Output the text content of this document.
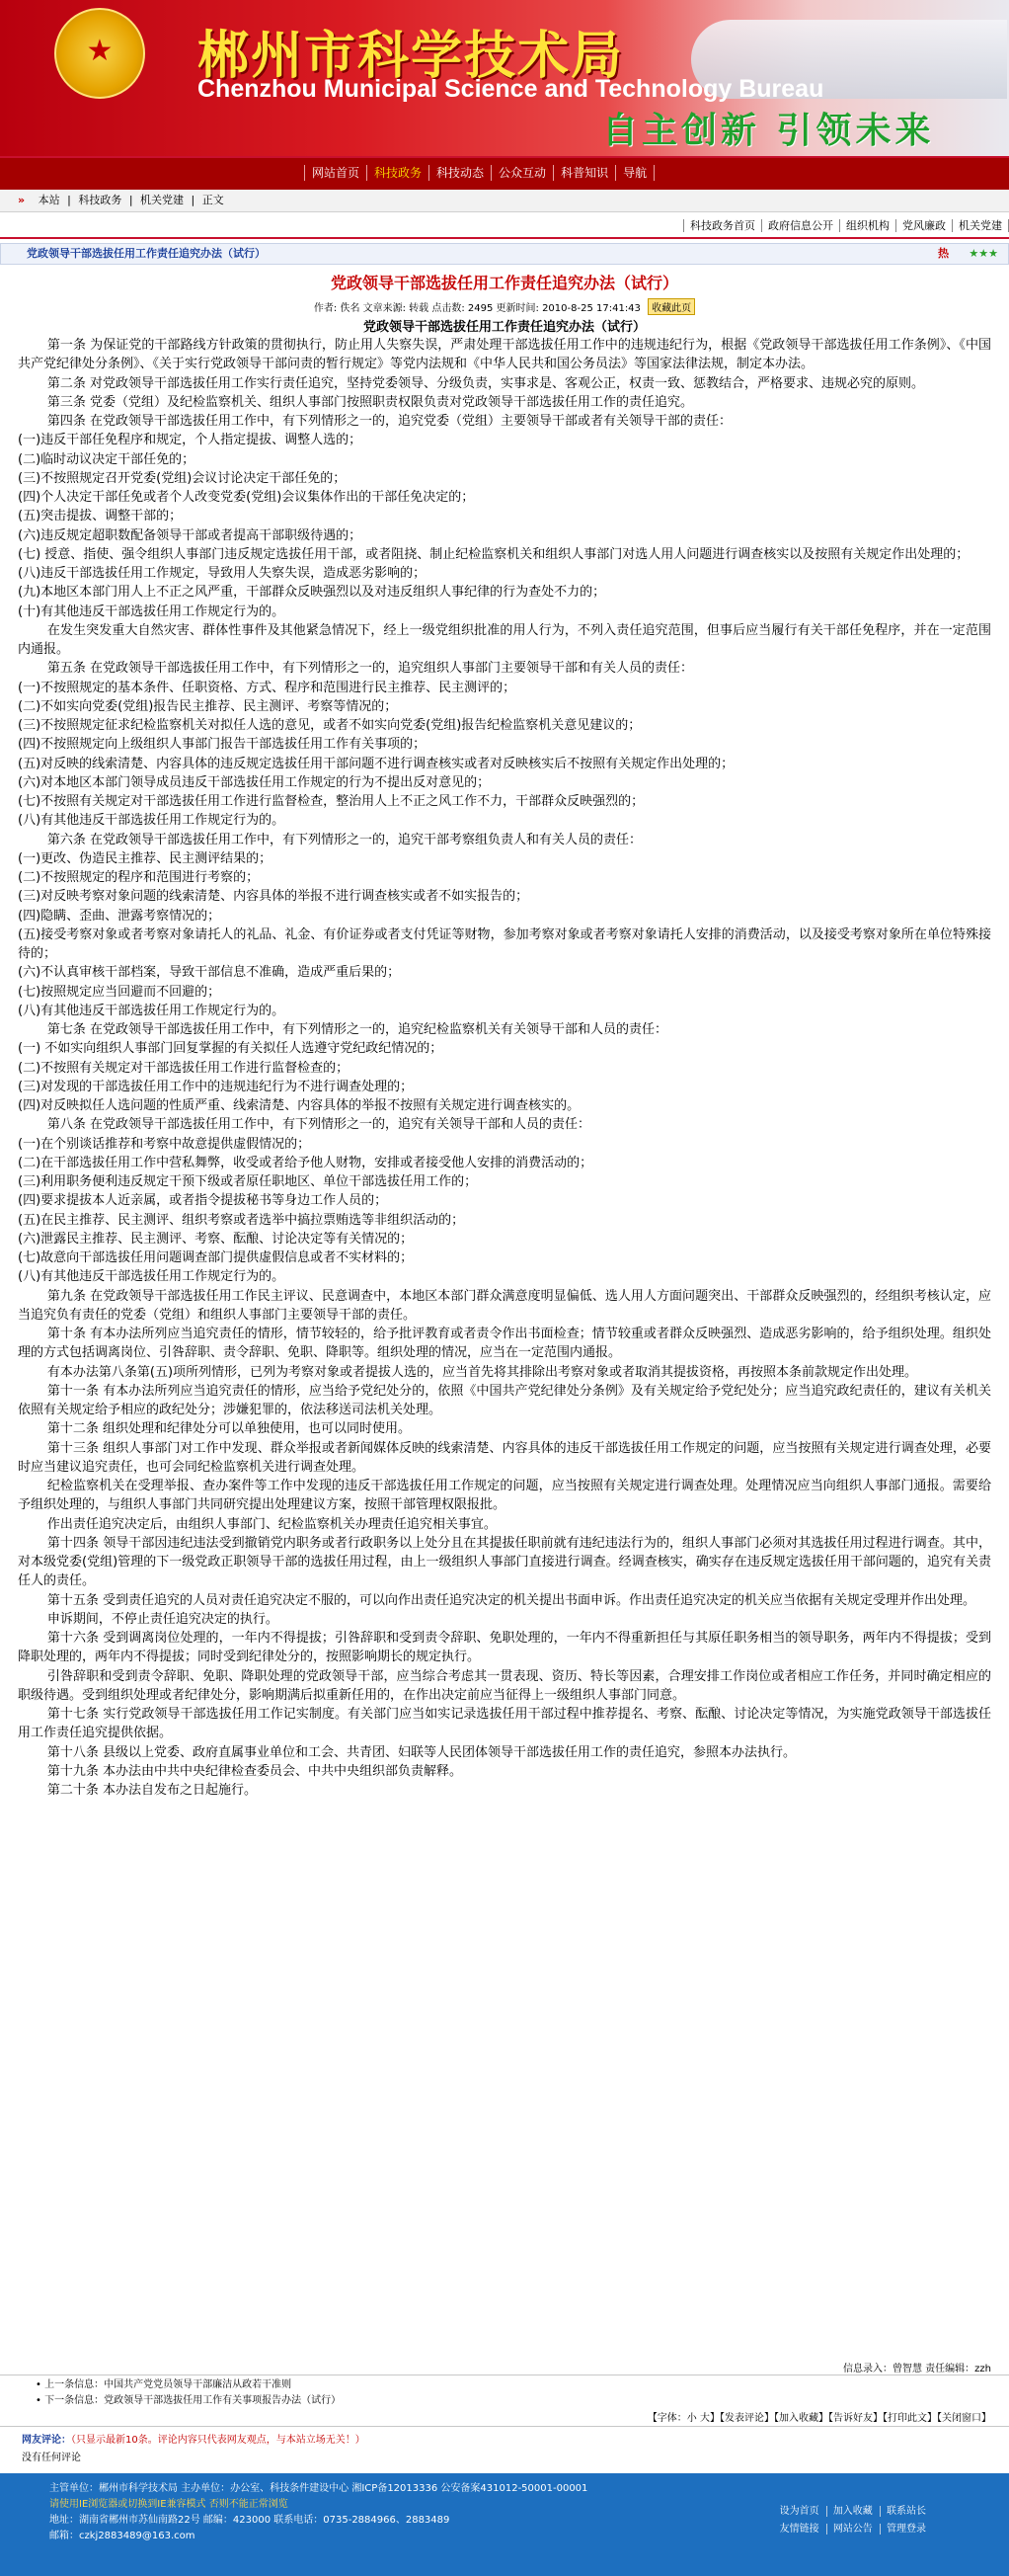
★	郴州市科学技术局
Chenzhou Municipal Science and Technology Bureau
自主创新 引领未来
网站首页	科技政务	科技动态	公众互动	科普知识	导航
» 本站 | 科技政务 | 机关党建 | 正文
科技政务首页 政府信息公开 组织机构 党风廉政 机关党建
党政领导干部选拔任用工作责任追究办法（试行）	热 ★★★
党政领导干部选拔任用工作责任追究办法（试行）
作者: 佚名 文章来源: 转载 点击数: 2495 更新时间: 2010-8-25 17:41:43 收藏此页
党政领导干部选拔任用工作责任追究办法（试行）

第一条 为保证党的干部路线方针政策的贯彻执行，防止用人失察失误，严肃处理干部选拔任用工作中的违规违纪行为，根据《党政领导干部选拔任用工作条例》、《中国共产党纪律处分条例》、《关于实行党政领导干部问责的暂行规定》等党内法规和《中华人民共和国公务员法》等国家法律法规，制定本办法。

第二条 对党政领导干部选拔任用工作实行责任追究，坚持党委领导、分级负责，实事求是、客观公正，权责一致、惩教结合，严格要求、违规必究的原则。

第三条 党委（党组）及纪检监察机关、组织人事部门按照职责权限负责对党政领导干部选拔任用工作的责任追究。

第四条 在党政领导干部选拔任用工作中，有下列情形之一的，追究党委（党组）主要领导干部或者有关领导干部的责任：

(一)违反干部任免程序和规定，个人指定提拔、调整人选的；

(二)临时动议决定干部任免的；

(三)不按照规定召开党委(党组)会议讨论决定干部任免的；

(四)个人决定干部任免或者个人改变党委(党组)会议集体作出的干部任免决定的；

(五)突击提拔、调整干部的；

(六)违反规定超职数配备领导干部或者提高干部职级待遇的；

(七) 授意、指使、强令组织人事部门违反规定选拔任用干部，或者阻挠、制止纪检监察机关和组织人事部门对选人用人问题进行调查核实以及按照有关规定作出处理的；

(八)违反干部选拔任用工作规定，导致用人失察失误，造成恶劣影响的；

(九)本地区本部门用人上不正之风严重，干部群众反映强烈以及对违反组织人事纪律的行为查处不力的；

(十)有其他违反干部选拔任用工作规定行为的。

在发生突发重大自然灾害、群体性事件及其他紧急情况下，经上一级党组织批准的用人行为，不列入责任追究范围，但事后应当履行有关干部任免程序，并在一定范围内通报。

第五条 在党政领导干部选拔任用工作中，有下列情形之一的，追究组织人事部门主要领导干部和有关人员的责任：

(一)不按照规定的基本条件、任职资格、方式、程序和范围进行民主推荐、民主测评的；

(二)不如实向党委(党组)报告民主推荐、民主测评、考察等情况的；

(三)不按照规定征求纪检监察机关对拟任人选的意见，或者不如实向党委(党组)报告纪检监察机关意见建议的；

(四)不按照规定向上级组织人事部门报告干部选拔任用工作有关事项的；

(五)对反映的线索清楚、内容具体的违反规定选拔任用干部问题不进行调查核实或者对反映核实后不按照有关规定作出处理的；

(六)对本地区本部门领导成员违反干部选拔任用工作规定的行为不提出反对意见的；

(七)不按照有关规定对干部选拔任用工作进行监督检查，整治用人上不正之风工作不力，干部群众反映强烈的；

(八)有其他违反干部选拔任用工作规定行为的。

第六条 在党政领导干部选拔任用工作中，有下列情形之一的，追究干部考察组负责人和有关人员的责任：

(一)更改、伪造民主推荐、民主测评结果的；

(二)不按照规定的程序和范围进行考察的；

(三)对反映考察对象问题的线索清楚、内容具体的举报不进行调查核实或者不如实报告的；

(四)隐瞒、歪曲、泄露考察情况的；

(五)接受考察对象或者考察对象请托人的礼品、礼金、有价证券或者支付凭证等财物，参加考察对象或者考察对象请托人安排的消费活动，以及接受考察对象所在单位特殊接待的；

(六)不认真审核干部档案，导致干部信息不准确，造成严重后果的；

(七)按照规定应当回避而不回避的；

(八)有其他违反干部选拔任用工作规定行为的。

第七条 在党政领导干部选拔任用工作中，有下列情形之一的，追究纪检监察机关有关领导干部和人员的责任：

(一) 不如实向组织人事部门回复掌握的有关拟任人选遵守党纪政纪情况的；

(二)不按照有关规定对干部选拔任用工作进行监督检查的；

(三)对发现的干部选拔任用工作中的违规违纪行为不进行调查处理的；

(四)对反映拟任人选问题的性质严重、线索清楚、内容具体的举报不按照有关规定进行调查核实的。

第八条 在党政领导干部选拔任用工作中，有下列情形之一的，追究有关领导干部和人员的责任：

(一)在个别谈话推荐和考察中故意提供虚假情况的；

(二)在干部选拔任用工作中营私舞弊，收受或者给予他人财物，安排或者接受他人安排的消费活动的；

(三)利用职务便利违反规定干预下级或者原任职地区、单位干部选拔任用工作的；

(四)要求提拔本人近亲属，或者指令提拔秘书等身边工作人员的；

(五)在民主推荐、民主测评、组织考察或者选举中搞拉票贿选等非组织活动的；

(六)泄露民主推荐、民主测评、考察、酝酿、讨论决定等有关情况的；

(七)故意向干部选拔任用问题调查部门提供虚假信息或者不实材料的；

(八)有其他违反干部选拔任用工作规定行为的。

第九条 在党政领导干部选拔任用工作民主评议、民意调查中，本地区本部门群众满意度明显偏低、选人用人方面问题突出、干部群众反映强烈的，经组织考核认定，应当追究负有责任的党委（党组）和组织人事部门主要领导干部的责任。

第十条 有本办法所列应当追究责任的情形，情节较轻的，给予批评教育或者责令作出书面检查；情节较重或者群众反映强烈、造成恶劣影响的，给予组织处理。组织处理的方式包括调离岗位、引咎辞职、责令辞职、免职、降职等。组织处理的情况，应当在一定范围内通报。

有本办法第八条第(五)项所列情形，已列为考察对象或者提拔人选的，应当首先将其排除出考察对象或者取消其提拔资格，再按照本条前款规定作出处理。

第十一条 有本办法所列应当追究责任的情形，应当给予党纪处分的，依照《中国共产党纪律处分条例》及有关规定给予党纪处分；应当追究政纪责任的，建议有关机关依照有关规定给予相应的政纪处分；涉嫌犯罪的，依法移送司法机关处理。

第十二条 组织处理和纪律处分可以单独使用，也可以同时使用。

第十三条 组织人事部门对工作中发现、群众举报或者新闻媒体反映的线索清楚、内容具体的违反干部选拔任用工作规定的问题，应当按照有关规定进行调查处理，必要时应当建议追究责任，也可会同纪检监察机关进行调查处理。

纪检监察机关在受理举报、查办案件等工作中发现的违反干部选拔任用工作规定的问题，应当按照有关规定进行调查处理。处理情况应当向组织人事部门通报。需要给予组织处理的，与组织人事部门共同研究提出处理建议方案，按照干部管理权限报批。

作出责任追究决定后，由组织人事部门、纪检监察机关办理责任追究相关事宜。

第十四条 领导干部因违纪违法受到撤销党内职务或者行政职务以上处分且在其提拔任职前就有违纪违法行为的，组织人事部门必须对其选拔任用过程进行调查。其中，对本级党委(党组)管理的下一级党政正职领导干部的选拔任用过程，由上一级组织人事部门直接进行调查。经调查核实，确实存在违反规定选拔任用干部问题的，追究有关责任人的责任。

第十五条 受到责任追究的人员对责任追究决定不服的，可以向作出责任追究决定的机关提出书面申诉。作出责任追究决定的机关应当依据有关规定受理并作出处理。

申诉期间，不停止责任追究决定的执行。

第十六条 受到调离岗位处理的，一年内不得提拔；引咎辞职和受到责令辞职、免职处理的，一年内不得重新担任与其原任职务相当的领导职务，两年内不得提拔；受到降职处理的，两年内不得提拔；同时受到纪律处分的，按照影响期长的规定执行。

引咎辞职和受到责令辞职、免职、降职处理的党政领导干部，应当综合考虑其一贯表现、资历、特长等因素，合理安排工作岗位或者相应工作任务，并同时确定相应的职级待遇。受到组织处理或者纪律处分，影响期满后拟重新任用的，在作出决定前应当征得上一级组织人事部门同意。

第十七条 实行党政领导干部选拔任用工作记实制度。有关部门应当如实记录选拔任用干部过程中推荐提名、考察、酝酿、讨论决定等情况，为实施党政领导干部选拔任用工作责任追究提供依据。

第十八条 县级以上党委、政府直属事业单位和工会、共青团、妇联等人民团体领导干部选拔任用工作的责任追究，参照本办法执行。

第十九条 本办法由中共中央纪律检查委员会、中共中央组织部负责解释。

第二十条 本办法自发布之日起施行。

信息录入：曾智慧 责任编辑：zzh
• 上一条信息：中国共产党党员领导干部廉洁从政若干准则
• 下一条信息：党政领导干部选拔任用工作有关事项报告办法（试行）
【字体：小 大】【发表评论】【加入收藏】【告诉好友】【打印此文】【关闭窗口】
网友评论：（只显示最新10条。评论内容只代表网友观点，与本站立场无关！）
没有任何评论
主管单位：郴州市科学技术局 主办单位：办公室、科技条件建设中心 湘ICP备12013336 公安备案431012-50001-00001
请使用IE浏览器或切换到IE兼容模式 否则不能正常浏览
地址：湖南省郴州市苏仙南路22号 邮编：423000 联系电话：0735-2884966、2883489
邮箱：czkj2883489@163.com
设为首页 加入收藏 联系站长
友情链接 网站公告 管理登录
